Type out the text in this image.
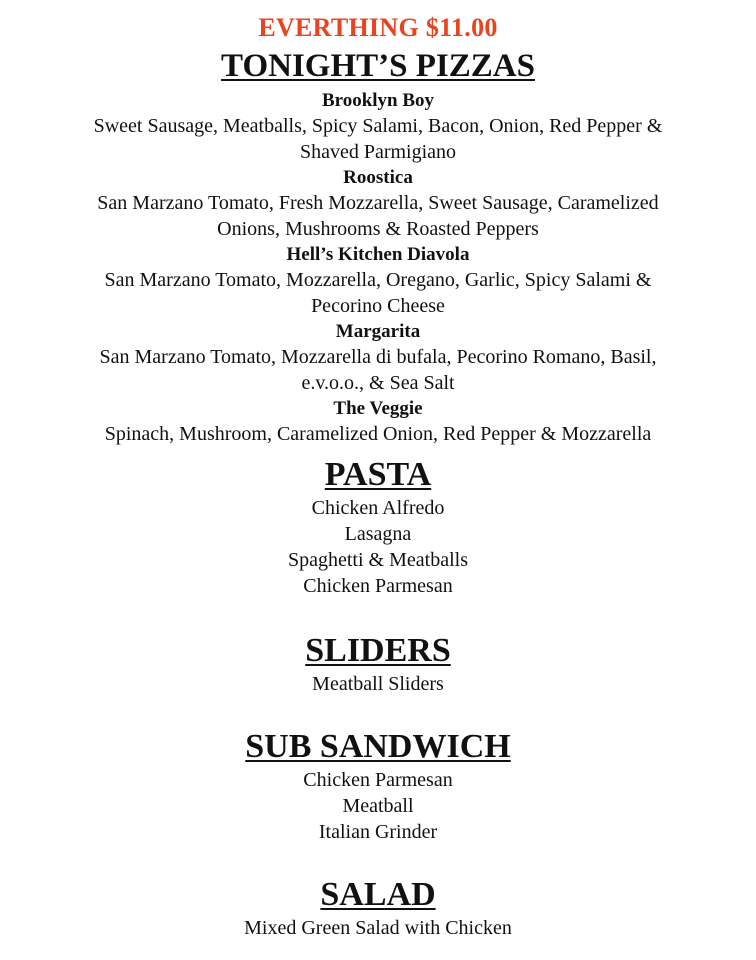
EVERTHING $11.00
TONIGHT’S PIZZAS
Brooklyn Boy
Sweet Sausage, Meatballs, Spicy Salami, Bacon, Onion, Red Pepper &
Shaved Parmigiano
Roostica
San Marzano Tomato, Fresh Mozzarella, Sweet Sausage, Caramelized
Onions, Mushrooms & Roasted Peppers
Hell’s Kitchen Diavola
San Marzano Tomato, Mozzarella, Oregano, Garlic, Spicy Salami &
Pecorino Cheese
Margarita
San Marzano Tomato, Mozzarella di bufala, Pecorino Romano, Basil,
e.v.o.o., & Sea Salt
The Veggie
Spinach, Mushroom, Caramelized Onion, Red Pepper & Mozzarella
PASTA
Chicken Alfredo
Lasagna
Spaghetti & Meatballs
Chicken Parmesan
SLIDERS
Meatball Sliders
SUB SANDWICH
Chicken Parmesan
Meatball
Italian Grinder
SALAD
Mixed Green Salad with Chicken
